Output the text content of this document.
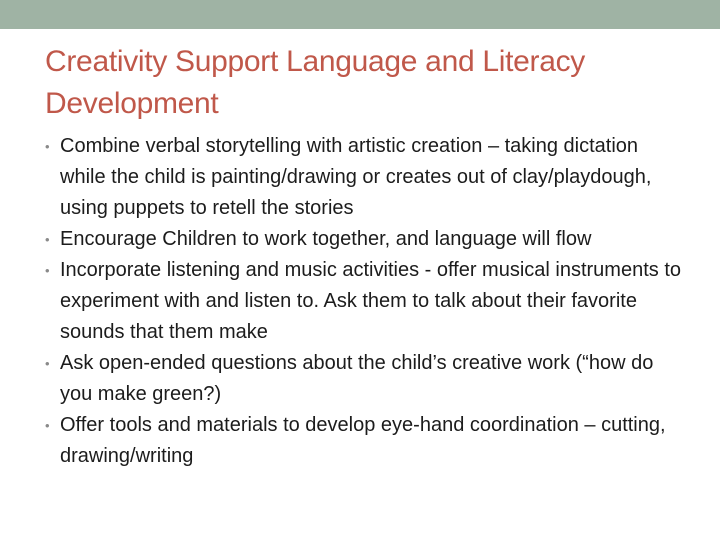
Creativity Support Language and Literacy Development
• Combine verbal storytelling with artistic creation – taking dictation while the child is painting/drawing or creates out of clay/playdough, using puppets to retell the stories
• Encourage Children to work together, and language will flow
• Incorporate listening and music activities - offer musical instruments to experiment with and listen to. Ask them to talk about their favorite sounds that them make
• Ask open-ended questions about the child’s creative work (“how do you make green?)
• Offer tools and materials to develop eye-hand coordination – cutting, drawing/writing
